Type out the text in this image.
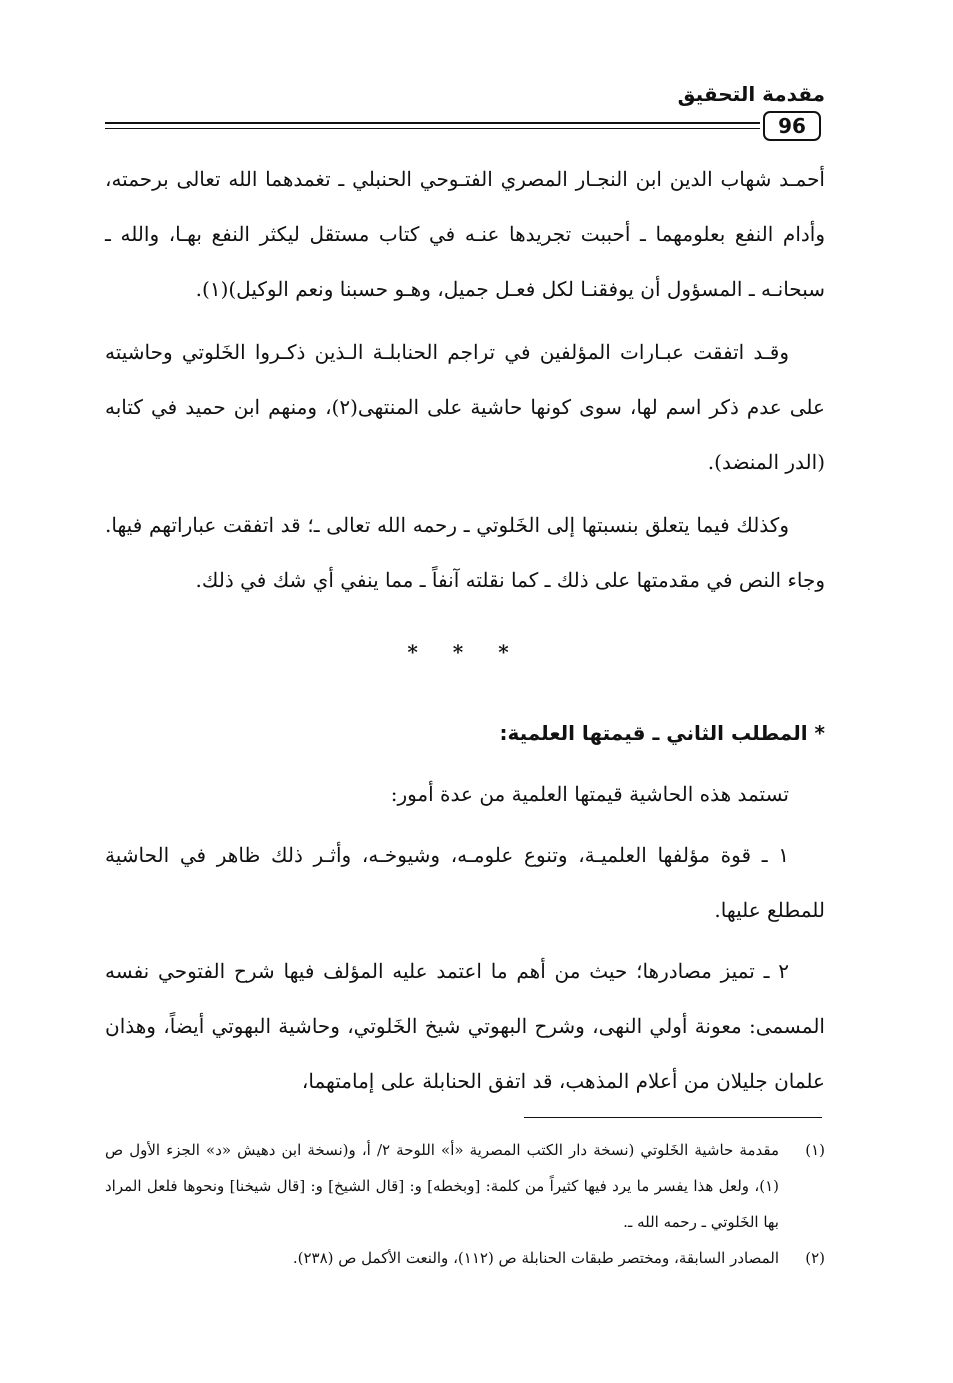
مقدمة التحقيق
96

أحمـد شهاب الدين ابن النجـار المصري الفتـوحي الحنبلي ـ تغمدهما الله تعالى برحمته، وأدام النفع بعلومهما ـ أحببت تجريدها عنـه في كتاب مستقل ليكثر النفع بهـا، والله ـ سبحانـه ـ المسؤول أن يوفقنـا لكل فعـل جميل، وهـو حسبنا ونعم الوكيل)(١).

وقـد اتفقت عبـارات المؤلفين في تراجم الحنابلـة الـذين ذكـروا الخَلوتي وحاشيته على عدم ذكر اسم لها، سوى كونها حاشية على المنتهى(٢)، ومنهم ابن حميد في كتابه (الدر المنضد).

وكذلك فيما يتعلق بنسبتها إلى الخَلوتي ـ رحمه الله تعالى ـ؛ قد اتفقت عباراتهم فيها. وجاء النص في مقدمتها على ذلك ـ كما نقلته آنفاً ـ مما ينفي أي شك في ذلك.

* * *

* المطلب الثاني ـ قيمتها العلمية:

تستمد هذه الحاشية قيمتها العلمية من عدة أمور:

١ ـ قوة مؤلفها العلميـة، وتنوع علومـه، وشيوخـه، وأثـر ذلك ظاهر في الحاشية للمطلع عليها.

٢ ـ تميز مصادرها؛ حيث من أهم ما اعتمد عليه المؤلف فيها شرح الفتوحي نفسه المسمى: معونة أولي النهى، وشرح البهوتي شيخ الخَلوتي، وحاشية البهوتي أيضاً، وهذان علمان جليلان من أعلام المذهب، قد اتفق الحنابلة على إمامتهما،

(١)
مقدمة حاشية الخَلوتي (نسخة دار الكتب المصرية «أ» اللوحة ٢/ أ، و(نسخة ابن دهيش «د» الجزء الأول ص (١)، ولعل هذا يفسر ما يرد فيها كثيراً من كلمة: [وبخطه] و: [قال الشيخ] و: [قال شيخنا] ونحوها فلعل المراد بها الخَلوتي ـ رحمه الله ـ.

(٢)
المصادر السابقة، ومختصر طبقات الحنابلة ص (١١٢)، والنعت الأكمل ص (٢٣٨).
